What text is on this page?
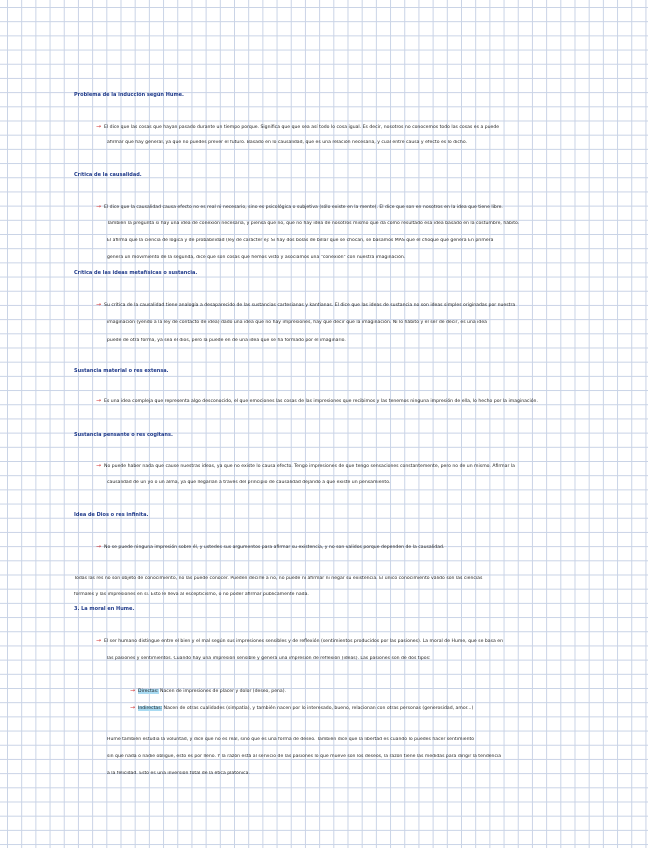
Problema de la inducción según Hume.
→ El dice que las cosas que hayan pasado durante un tiempo porque. Significa que que sea así todo lo cosa igual. Es decir, nosotros no conocemos todo las cosas es a puede
afirmar que hay general, ya que no puedes prever el futuro. Basado en lo causalidad, que es una relación necesaria, y cual entre causa y efecto es lo dicho.
Crítica de la causalidad.
→ El dice que la causalidad causa efecto no es real ni necesario, sino es psicológica o subjetiva (sólo existe en la mente). El dice que son en nosotros en la idea que tiene libre.
También la pregunta si hay una idea de conexión necesaria, y piensa que no, que no hay idea de nosotros mismo que da como resultado esa idea basado en la costumbre, hábito.
El afirma que la ciencia de lógica y de probabilidad (ley de carácter ej: Si hay dos bolas de billar que se chocan, se basamos MÁS que el choque que genera En primera
genera un movimiento de la segunda, dice que son cosas que hemos visto y asociamos una "conexión" con nuestra imaginación.
Crítica de las ideas metafísicas o sustancia.
→ Su crítica de la causalidad tiene analogía a desaparecido de las sustancias cartesianas y kantianas. El dice que las ideas de sustancia no son ideas simples originadas por nuestra
imaginación (yendo a la ley de contacto de idea) dado una idea que no hay impresiones, hay que decir que la imaginación. Ni lo hábito y el ser de decir, es una idea
puede de otra forma, ya sea el dios, pero la puede en de una idea que se ha formado por el imaginario.
Sustancia material o res extensa.
→ Es una idea compleja que representa algo desconocido, el que emociones las cosas de las impresiones que recibimos y las tenemos ninguna impresión de ella, lo hecho por la imaginación.
Sustancia pensante o res cogitans.
→ No puede haber nada que cause nuestras ideas, ya que no existe lo causa efecto. Tengo impresiones de que tengo sensaciones constantemente, pero no de un mismo. Afirmar la
causalidad de un yo o un alma, ya que llegarían a través del principio de causalidad dejando a que existe un pensamiento.
Idea de Dios o res infinita.
→ No se puede ninguna impresión sobre él, y ustedes sus argumentos para afirmar su existencia, y no son validos porque dependen de la causalidad.
Todas las res no son objeto de conocimiento, no las puede conocer. Pueden decirle a no, no puede ni afirmar ni negar su existencia. El único conocimiento válido son las ciencias
formales y las impresiones en sí. Esto le lleva al escepticismo, o no poder afirmar públicamente nada.
3. La moral en Hume.
→ El ser humano distingue entre el bien y el mal según sus impresiones sensibles y de reflexión (sentimientos producidos por las pasiones). La moral de Hume, que se basa en
las pasiones y sentimientos. Cuando hay una impresión sensible y genera una impresión de reflexión (ideas). Las pasiones son de dos tipos:
→ Directas: Nacen de impresiones de placer y dolor (deseo, pena).
→ Indirectas: Nacen de otras cualidades (simpatía), y también nacen por lo interesado, bueno, relacionan con otras personas (generosidad, amor...)
Hume también estudia la voluntad, y dice que no es real, sino que es una forma de deseo. También dice que la libertad es cuando lo puedes hacer sentimiento
sin que nada o nadie obligue, esto es por lleno. Y la razón está al servicio de las pasiones lo que mueve son los deseos, la razón tiene las medidas para dirigir la tendencia
a la felicidad. Esto es una inversión total de la ética platónica.
